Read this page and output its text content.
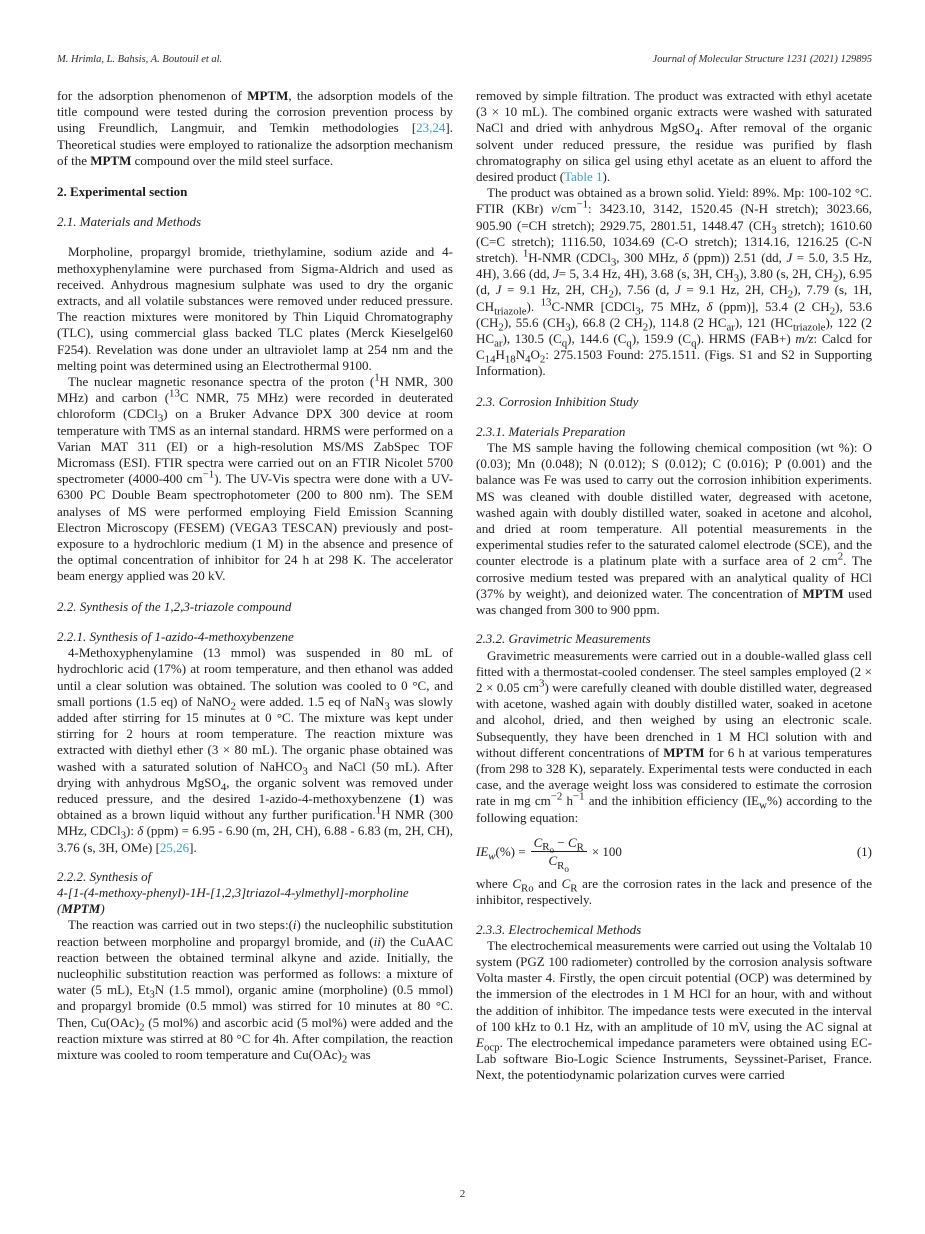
M. Hrimla, L. Bahsis, A. Boutouil et al.	Journal of Molecular Structure 1231 (2021) 129895

for the adsorption phenomenon of MPTM, the adsorption models of the title compound were tested during the corrosion prevention process by using Freundlich, Langmuir, and Temkin methodologies [23,24]. Theoretical studies were employed to rationalize the adsorption mechanism of the MPTM compound over the mild steel surface.

2. Experimental section
2.1. Materials and Methods

Morpholine, propargyl bromide, triethylamine, sodium azide and 4-methoxyphenylamine were purchased from Sigma-Aldrich and used as received. Anhydrous magnesium sulphate was used to dry the organic extracts, and all volatile substances were removed under reduced pressure. The reaction mixtures were monitored by Thin Liquid Chromatography (TLC), using commercial glass backed TLC plates (Merck Kieselgel60 F254). Revelation was done under an ultraviolet lamp at 254 nm and the melting point was determined using an Electrothermal 9100.

The nuclear magnetic resonance spectra of the proton ($^1$H NMR, 300 MHz) and carbon ($^{13}$C NMR, 75 MHz) were recorded in deuterated chloroform (CDCl$_3$) on a Bruker Advance DPX 300 device at room temperature with TMS as an internal standard. HRMS were performed on a Varian MAT 311 (EI) or a high-resolution MS/MS ZabSpec TOF Micromass (ESI). FTIR spectra were carried out on an FTIR Nicolet 5700 spectrometer (4000-400 $cm^{-1}$). The UV-Vis spectra were done with a UV-6300 PC Double Beam spectrophotometer (200 to 800 nm). The SEM analyses of MS were performed employing Field Emission Scanning Electron Microscopy (FESEM) (VEGA3 TESCAN) previously and post-exposure to a hydrochloric medium (1 M) in the absence and presence of the optimal concentration of inhibitor for 24 h at 298 K. The accelerator beam energy applied was 20 kV.

2.2. Synthesis of the 1,2,3-triazole compound
2.2.1. Synthesis of 1-azido-4-methoxybenzene

4-Methoxyphenylamine (13 mmol) was suspended in 80 mL of hydrochloric acid (17%) at room temperature, and then ethanol was added until a clear solution was obtained. The solution was cooled to 0 °C, and small portions (1.5 eq) of NaNO$_2$ were added. 1.5 eq of NaN$_3$ was slowly added after stirring for 15 minutes at 0 °C. The mixture was kept under stirring for 2 hours at room temperature. The reaction mixture was extracted with diethyl ether (3 × 80 mL). The organic phase obtained was washed with a saturated solution of NaHCO$_3$ and NaCl (50 mL). After drying with anhydrous MgSO$_4$, the organic solvent was removed under reduced pressure, and the desired 1-azido-4-methoxybenzene (1) was obtained as a brown liquid without any further purification.$^1$H NMR (300 MHz, CDCl$_3$): δ (ppm) = 6.95 - 6.90 (m, 2H, CH), 6.88 - 6.83 (m, 2H, CH), 3.76 (s, 3H, OMe) [25,26].

2.2.2. Synthesis of
4-[1-(4-methoxy-phenyl)-1H-[1,2,3]triazol-4-ylmethyl]-morpholine
(MPTM)

The reaction was carried out in two steps:(i) the nucleophilic substitution reaction between morpholine and propargyl bromide, and (ii) the CuAAC reaction between the obtained terminal alkyne and azide. Initially, the nucleophilic substitution reaction was performed as follows: a mixture of water (5 mL), $Et_3N$ (1.5 mmol), organic amine (morpholine) (0.5 mmol) and propargyl bromide (0.5 mmol) was stirred for 10 minutes at 80 °C. Then, $Cu(OAc)_2$ (5 mol%) and ascorbic acid (5 mol%) were added and the reaction mixture was stirred at 80 °C for 4h. After compilation, the reaction mixture was cooled to room temperature and $Cu(OAc)_2$ was

removed by simple filtration. The product was extracted with ethyl acetate (3 × 10 mL). The combined organic extracts were washed with saturated NaCl and dried with anhydrous MgSO$_4$. After removal of the organic solvent under reduced pressure, the residue was purified by flash chromatography on silica gel using ethyl acetate as an eluent to afford the desired product (Table 1).

The product was obtained as a brown solid. Yield: 89%. Mp: 100-102 °C. FTIR (KBr) $\nu/cm^{-1}$: 3423.10, 3142, 1520.45 (N-H stretch); 3023.66, 905.90 (=CH stretch); 2929.75, 2801.51, 1448.47 ($CH_3$ stretch); 1610.60 (C=C stretch); 1116.50, 1034.69 (C-O stretch); 1314.16, 1216.25 (C-N stretch). $^1$H-NMR (CDCl$_3$, 300 MHz, δ (ppm)) 2.51 (dd, J = 5.0, 3.5 Hz, 4H), 3.66 (dd, J= 5, 3.4 Hz, 4H), 3.68 (s, 3H, $CH_3$), 3.80 (s, 2H, $CH_2$), 6.95 (d, J = 9.1 Hz, 2H, $CH_2$), 7.56 (d, J = 9.1 Hz, 2H, $CH_2$), 7.79 (s, 1H, $CH_{triazole}$). $^{13}$C-NMR [CDCl$_3$, 75 MHz, δ (ppm)], 53.4 (2 $CH_2$), 53.6 $(CH_2)$, 55.6 $(CH_3)$, 66.8 (2 $CH_2$), 114.8 (2 $HC_{ar}$), 121 $(HC_{triazole})$, 122 (2 $HC_{ar}$), 130.5 $(C_q)$, 144.6 $(C_q)$, 159.9 $(C_q)$. HRMS (FAB+) m/z: Calcd for $C_{14}H_{18}N_4O_2$: 275.1503 Found: 275.1511. (Figs. S1 and S2 in Supporting Information).

2.3. Corrosion Inhibition Study
2.3.1. Materials Preparation

The MS sample having the following chemical composition (wt %): O (0.03); Mn (0.048); N (0.012); S (0.012); C (0.016); P (0.001) and the balance was Fe was used to carry out the corrosion inhibition experiments. MS was cleaned with double distilled water, degreased with acetone, washed again with doubly distilled water, soaked in acetone and alcohol, and dried at room temperature. All potential measurements in the experimental studies refer to the saturated calomel electrode (SCE), and the counter electrode is a platinum plate with a surface area of 2 $cm^2$. The corrosive medium tested was prepared with an analytical quality of HCl (37% by weight), and deionized water. The concentration of MPTM used was changed from 300 to 900 ppm.

2.3.2. Gravimetric Measurements

Gravimetric measurements were carried out in a double-walled glass cell fitted with a thermostat-cooled condenser. The steel samples employed (2 × 2 × 0.05 $cm^3$) were carefully cleaned with double distilled water, degreased with acetone, washed again with doubly distilled water, soaked in acetone and alcohol, dried, and then weighed by using an electronic scale. Subsequently, they have been drenched in 1 M HCl solution with and without different concentrations of MPTM for 6 h at various temperatures (from 298 to 328 K), separately. Experimental tests were conducted in each case, and the average weight loss was considered to estimate the corrosion rate in mg $cm^{-2}$ $h^{-1}$ and the inhibition efficiency $(IE_w\%)$ according to the following equation:

$IE_w$ (%) = $\frac{C_{R_o} - C_R}{C_{R_o}} \times 100$	(1)

where $C_{Ro}$ and $C_R$ are the corrosion rates in the lack and presence of the inhibitor, respectively.

2.3.3. Electrochemical Methods

The electrochemical measurements were carried out using the Voltalab 10 system (PGZ 100 radiometer) controlled by the corrosion analysis software Volta master 4. Firstly, the open circuit potential (OCP) was determined by the immersion of the electrodes in 1 M HCl for an hour, with and without the addition of inhibitor. The impedance tests were executed in the interval of 100 kHz to 0.1 Hz, with an amplitude of 10 mV, using the AC signal at $E_{ocp}$. The electrochemical impedance parameters were obtained using EC-Lab software Bio-Logic Science Instruments, Seyssinet-Pariset, France. Next, the potentiodynamic polarization curves were carried

2
